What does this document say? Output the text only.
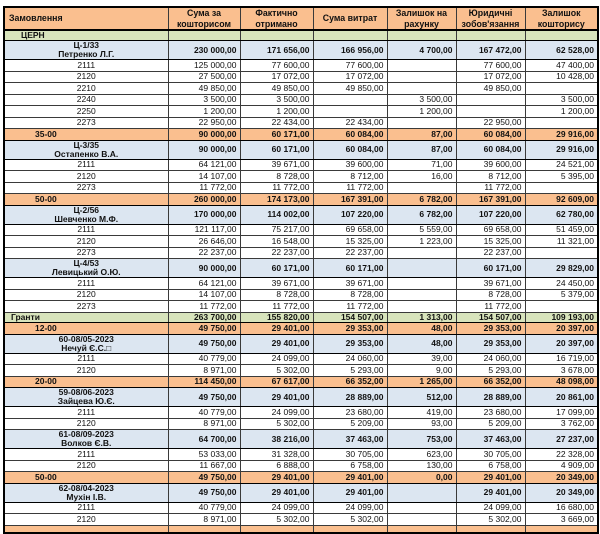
Замовлення	Сума за кошторисом	Фактично отримано	Сума витрат	Залишок на рахунку	Юридичні зобов'язання	Залишок кошторису
ЦЕРН						

Ц-1/33
Петренко Л.Г.	230 000,00	171 656,00	166 956,00	4 700,00	167 472,00	62 528,00
2111	125 000,00	77 600,00	77 600,00		77 600,00	47 400,00
2120	27 500,00	17 072,00	17 072,00		17 072,00	10 428,00
2210	49 850,00	49 850,00	49 850,00		49 850,00	
2240	3 500,00	3 500,00		3 500,00		3 500,00
2250	1 200,00	1 200,00		1 200,00		1 200,00
2273	22 950,00	22 434,00	22 434,00		22 950,00	
35-00	90 000,00	60 171,00	60 084,00	87,00	60 084,00	29 916,00

Ц-3/35
Остапенко В.А.	90 000,00	60 171,00	60 084,00	87,00	60 084,00	29 916,00
2111	64 121,00	39 671,00	39 600,00	71,00	39 600,00	24 521,00
2120	14 107,00	8 728,00	8 712,00	16,00	8 712,00	5 395,00
2273	11 772,00	11 772,00	11 772,00		11 772,00	
50-00	260 000,00	174 173,00	167 391,00	6 782,00	167 391,00	92 609,00

Ц-2/56
Шевченко М.Ф.	170 000,00	114 002,00	107 220,00	6 782,00	107 220,00	62 780,00
2111	121 117,00	75 217,00	69 658,00	5 559,00	69 658,00	51 459,00
2120	26 646,00	16 548,00	15 325,00	1 223,00	15 325,00	11 321,00
2273	22 237,00	22 237,00	22 237,00		22 237,00	

Ц-4/53
Левицький О.Ю.	90 000,00	60 171,00	60 171,00		60 171,00	29 829,00
2111	64 121,00	39 671,00	39 671,00		39 671,00	24 450,00
2120	14 107,00	8 728,00	8 728,00		8 728,00	5 379,00
2273	11 772,00	11 772,00	11 772,00		11 772,00	
Гранти	263 700,00	155 820,00	154 507,00	1 313,00	154 507,00	109 193,00
12-00	49 750,00	29 401,00	29 353,00	48,00	29 353,00	20 397,00

60-08/05-2023
Нечуй Є.С.□	49 750,00	29 401,00	29 353,00	48,00	29 353,00	20 397,00
2111	40 779,00	24 099,00	24 060,00	39,00	24 060,00	16 719,00
2120	8 971,00	5 302,00	5 293,00	9,00	5 293,00	3 678,00
20-00	114 450,00	67 617,00	66 352,00	1 265,00	66 352,00	48 098,00

59-08/06-2023
Зайцева Ю.Є.	49 750,00	29 401,00	28 889,00	512,00	28 889,00	20 861,00
2111	40 779,00	24 099,00	23 680,00	419,00	23 680,00	17 099,00
2120	8 971,00	5 302,00	5 209,00	93,00	5 209,00	3 762,00

61-08/09-2023
Волков Є.В.	64 700,00	38 216,00	37 463,00	753,00	37 463,00	27 237,00
2111	53 033,00	31 328,00	30 705,00	623,00	30 705,00	22 328,00
2120	11 667,00	6 888,00	6 758,00	130,00	6 758,00	4 909,00
50-00	49 750,00	29 401,00	29 401,00	0,00	29 401,00	20 349,00

62-08/04-2023
Мухін І.В.	49 750,00	29 401,00	29 401,00		29 401,00	20 349,00
2111	40 779,00	24 099,00	24 099,00		24 099,00	16 680,00
2120	8 971,00	5 302,00	5 302,00		5 302,00	3 669,00
